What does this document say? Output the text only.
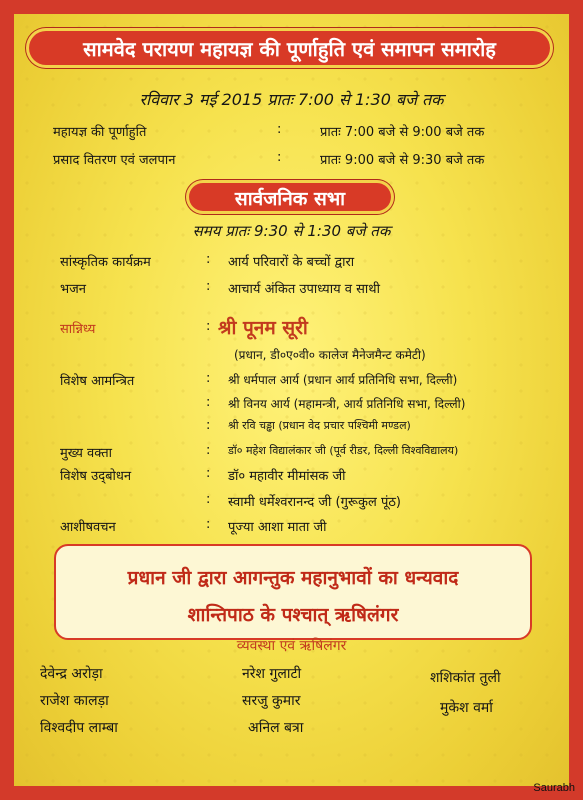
सामवेद परायण महायज्ञ की पूर्णाहुति एवं समापन समारोह
रविवार 3 मई 2015 प्रातः 7:00 से 1:30 बजे तक
महायज्ञ की पूर्णाहुति	:	प्रातः 7:00 बजे से 9:00 बजे तक
प्रसाद वितरण एवं जलपान	:	प्रातः 9:00 बजे से 9:30 बजे तक
सार्वजनिक सभा
समय प्रातः 9:30 से 1:30 बजे तक
सांस्कृतिक कार्यक्रम	: आर्य परिवारों के बच्चों द्वारा
भजन	: आचार्य अंकित उपाध्याय व साथी
सान्निध्य	: श्री पूनम सूरी
(प्रधान, डी०ए०वी० कालेज मैनेजमैन्ट कमेटी)
विशेष आमन्त्रित	: श्री धर्मपाल आर्य (प्रधान आर्य प्रतिनिधि सभा, दिल्ली)
: श्री विनय आर्य (महामन्त्री, आर्य प्रतिनिधि सभा, दिल्ली)
: श्री रवि चड्ढा (प्रधान वेद प्रचार पश्चिमी मण्डल)
मुख्य वक्ता	: डॉ० महेश विद्यालंकार जी (पूर्व रीडर, दिल्ली विश्वविद्यालय)
विशेष उद्‌बोधन	: डॉ० महावीर मीमांसक जी
: स्वामी धर्मेश्वरानन्द जी (गुरूकुल पूंठ)
आशीषवचन	: पूज्या आशा माता जी
प्रधान जी द्वारा आगन्तुक महानुभावों का धन्यवाद
शान्तिपाठ के पश्चात् ऋषिलंगर
व्यवस्था एवं ऋषिलंगर
देवेन्द्र अरोड़ा	नरेश गुलाटी	शशिकांत तुली
राजेश कालड़ा	सरजु कुमार	मुकेश वर्मा
विश्वदीप लाम्बा	अनिल बत्रा
Saurabh
